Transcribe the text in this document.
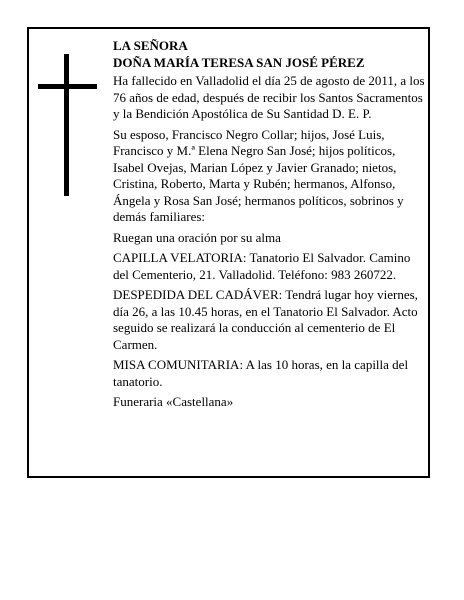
LA SEÑORA

DOÑA MARÍA TERESA SAN JOSÉ PÉREZ

Ha fallecido en Valladolid el día 25 de agosto de 2011, a los 76 años de edad, después de recibir los Santos Sacramentos y la Bendición Apostólica de Su Santidad D. E. P.

Su esposo, Francisco Negro Collar; hijos, José Luis, Francisco y M.ª Elena Negro San José; hijos políticos, Isabel Ovejas, Marian López y Javier Granado; nietos, Cristina, Roberto, Marta y Rubén; hermanos, Alfonso, Ángela y Rosa San José; hermanos políticos, sobrinos y demás familiares:

Ruegan una oración por su alma

CAPILLA VELATORIA: Tanatorio El Salvador. Camino del Cementerio, 21. Valladolid. Teléfono: 983 260722.

DESPEDIDA DEL CADÁVER: Tendrá lugar hoy viernes, día 26, a las 10.45 horas, en el Tanatorio El Salvador. Acto seguido se realizará la conducción al cementerio de El Carmen.

MISA COMUNITARIA: A las 10 horas, en la capilla del tanatorio.

Funeraria «Castellana»
